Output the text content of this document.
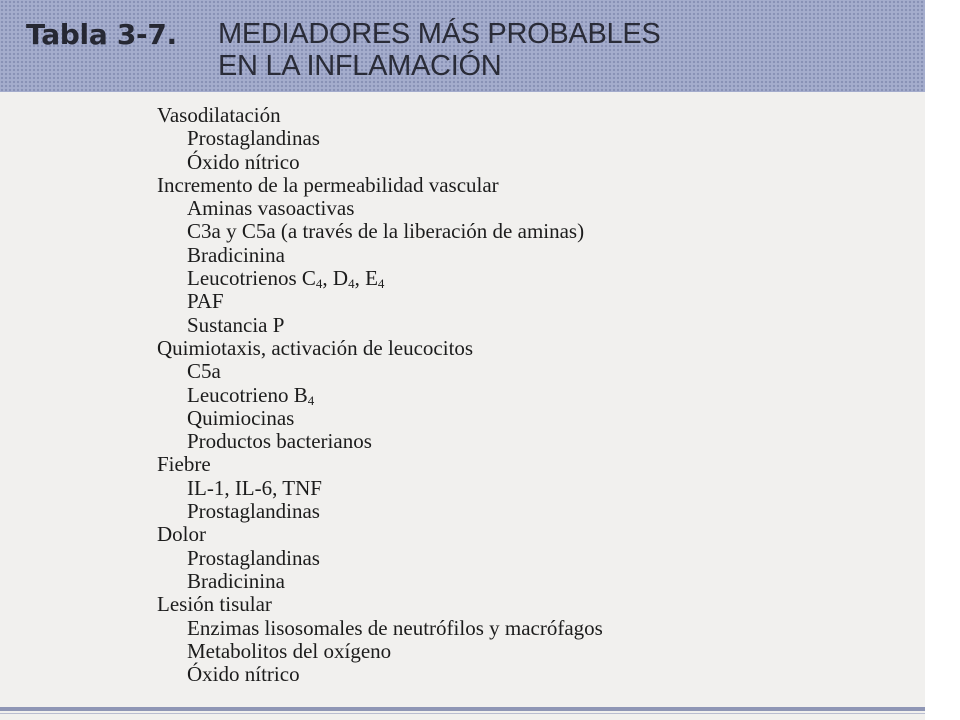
Tabla 3-7. MEDIADORES MÁS PROBABLES
EN LA INFLAMACIÓN
Vasodilatación
Prostaglandinas
Óxido nítrico
Incremento de la permeabilidad vascular
Aminas vasoactivas
C3a y C5a (a través de la liberación de aminas)
Bradicinina
Leucotrienos $C_4$, $D_4$, $E_4$
PAF
Sustancia P
Quimiotaxis, activación de leucocitos
C5a
Leucotrieno $B_4$
Quimiocinas
Productos bacterianos
Fiebre
IL-1, IL-6, TNF
Prostaglandinas
Dolor
Prostaglandinas
Bradicinina
Lesión tisular
Enzimas lisosomales de neutrófilos y macrófagos
Metabolitos del oxígeno
Óxido nítrico
